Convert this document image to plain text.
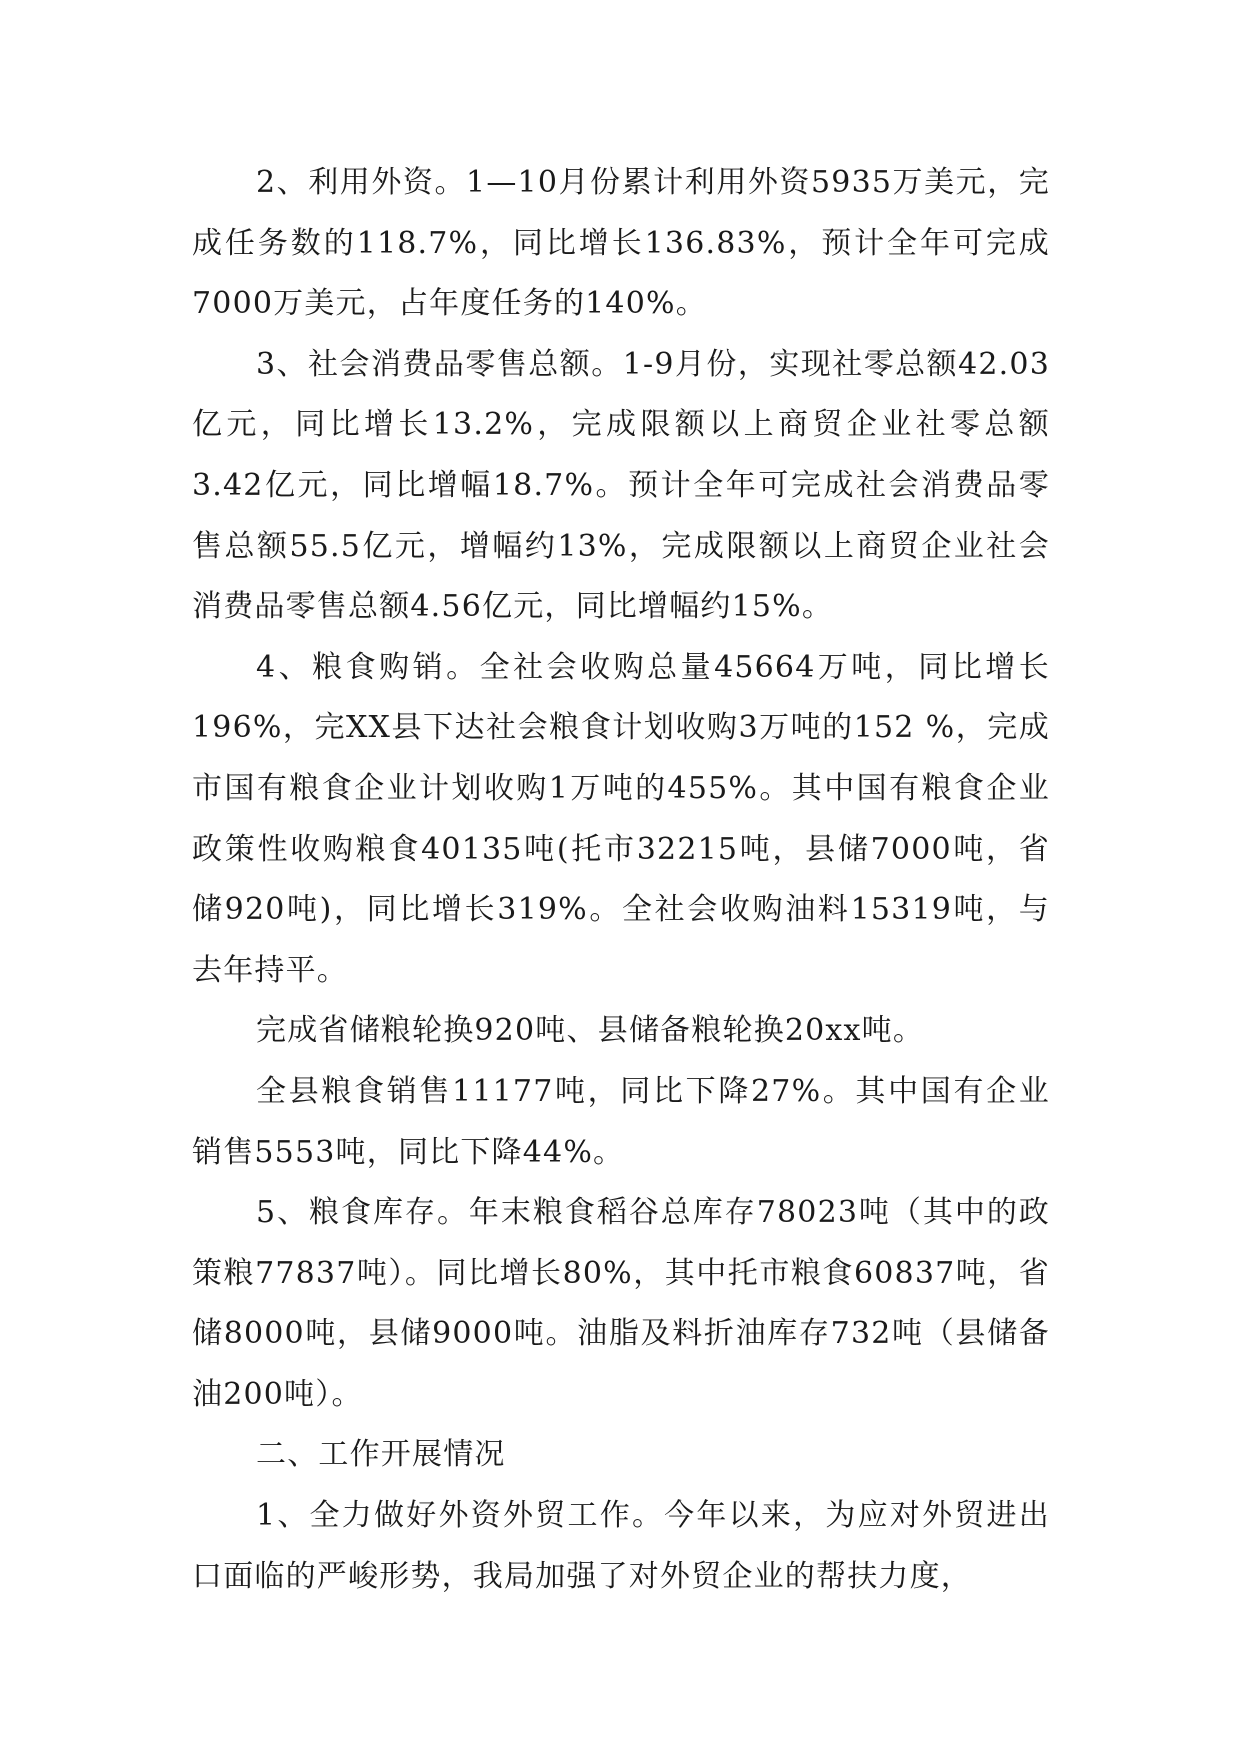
2、利用外资。1—10月份累计利用外资5935万美元，完成任务数的118.7%，同比增长136.83%，预计全年可完成7000万美元，占年度任务的140%。

3、社会消费品零售总额。1-9月份，实现社零总额42.03亿元，同比增长13.2%，完成限额以上商贸企业社零总额3.42亿元，同比增幅18.7%。预计全年可完成社会消费品零售总额55.5亿元，增幅约13%，完成限额以上商贸企业社会消费品零售总额4.56亿元，同比增幅约15%。

4、粮食购销。全社会收购总量45664万吨，同比增长196%，完XX县下达社会粮食计划收购3万吨的152 %，完成市国有粮食企业计划收购1万吨的455%。其中国有粮食企业政策性收购粮食40135吨(托市32215吨，县储7000吨，省储920吨)，同比增长319%。全社会收购油料15319吨，与去年持平。

完成省储粮轮换920吨、县储备粮轮换20xx吨。

全县粮食销售11177吨，同比下降27%。其中国有企业销售5553吨，同比下降44%。

5、粮食库存。年末粮食稻谷总库存78023吨（其中的政策粮77837吨）。同比增长80%，其中托市粮食60837吨，省储8000吨，县储9000吨。油脂及料折油库存732吨（县储备油200吨）。

二、工作开展情况

1、全力做好外资外贸工作。今年以来，为应对外贸进出口面临的严峻形势，我局加强了对外贸企业的帮扶力度，
